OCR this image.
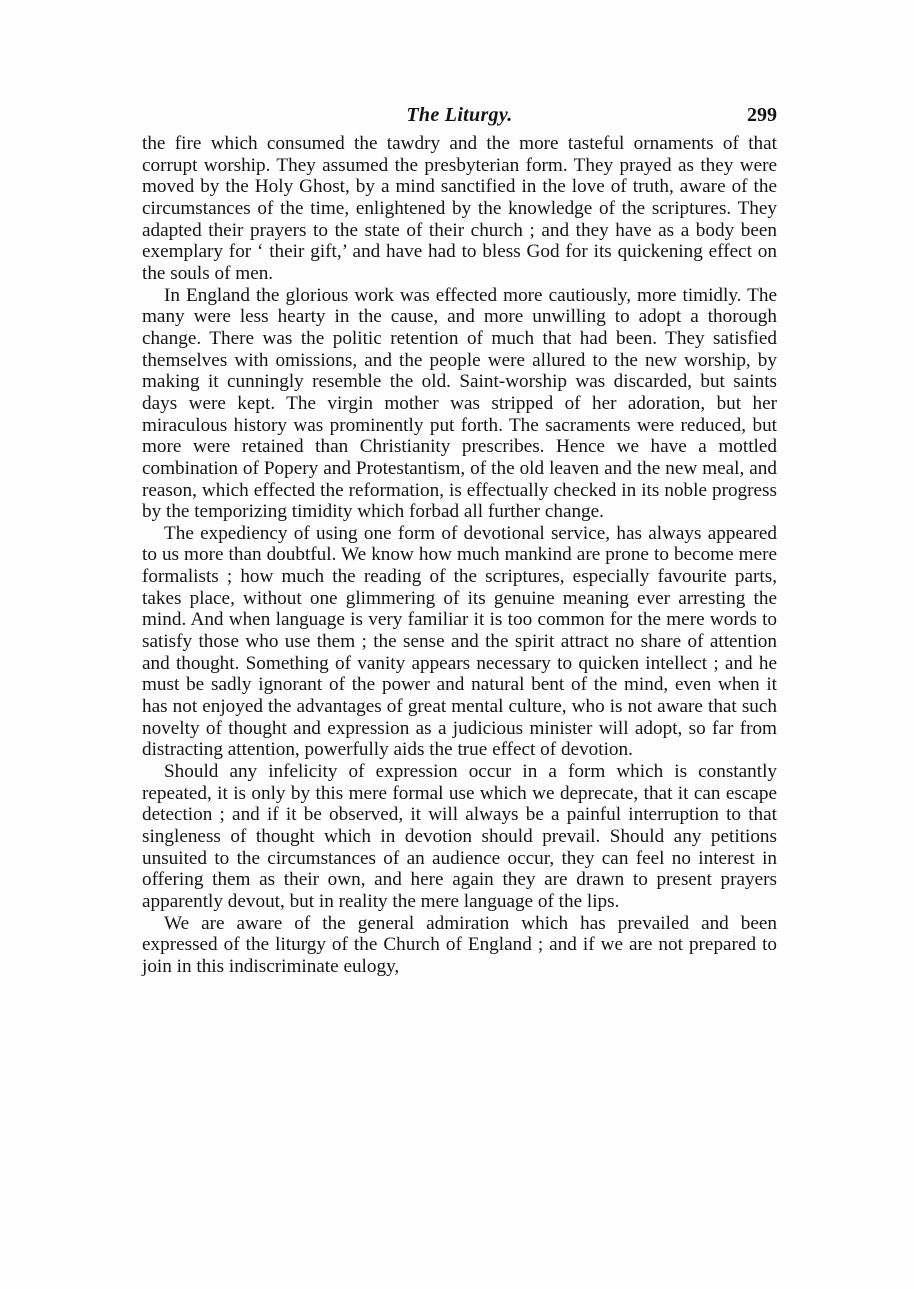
The Liturgy.	299

the fire which consumed the tawdry and the more tasteful ornaments of that corrupt worship. They assumed the presbyterian form. They prayed as they were moved by the Holy Ghost, by a mind sanctified in the love of truth, aware of the circumstances of the time, enlightened by the knowledge of the scriptures. They adapted their prayers to the state of their church ; and they have as a body been exemplary for ‘ their gift,’ and have had to bless God for its quickening effect on the souls of men.

In England the glorious work was effected more cautiously, more timidly. The many were less hearty in the cause, and more unwilling to adopt a thorough change. There was the politic retention of much that had been. They satisfied themselves with omissions, and the people were allured to the new worship, by making it cunningly resemble the old. Saint-worship was discarded, but saints days were kept. The virgin mother was stripped of her adoration, but her miraculous history was prominently put forth. The sacraments were reduced, but more were retained than Christianity prescribes. Hence we have a mottled combination of Popery and Protestantism, of the old leaven and the new meal, and reason, which effected the reformation, is effectually checked in its noble progress by the temporizing timidity which forbad all further change.

The expediency of using one form of devotional service, has always appeared to us more than doubtful. We know how much mankind are prone to become mere formalists ; how much the reading of the scriptures, especially favourite parts, takes place, without one glimmering of its genuine meaning ever arresting the mind. And when language is very familiar it is too common for the mere words to satisfy those who use them ; the sense and the spirit attract no share of attention and thought. Something of vanity appears necessary to quicken intellect ; and he must be sadly ignorant of the power and natural bent of the mind, even when it has not enjoyed the advantages of great mental culture, who is not aware that such novelty of thought and expression as a judicious minister will adopt, so far from distracting attention, powerfully aids the true effect of devotion.

Should any infelicity of expression occur in a form which is constantly repeated, it is only by this mere formal use which we deprecate, that it can escape detection ; and if it be observed, it will always be a painful interruption to that singleness of thought which in devotion should prevail. Should any petitions unsuited to the circumstances of an audience occur, they can feel no interest in offering them as their own, and here again they are drawn to present prayers apparently devout, but in reality the mere language of the lips.

We are aware of the general admiration which has prevailed and been expressed of the liturgy of the Church of England ; and if we are not prepared to join in this indiscriminate eulogy,
